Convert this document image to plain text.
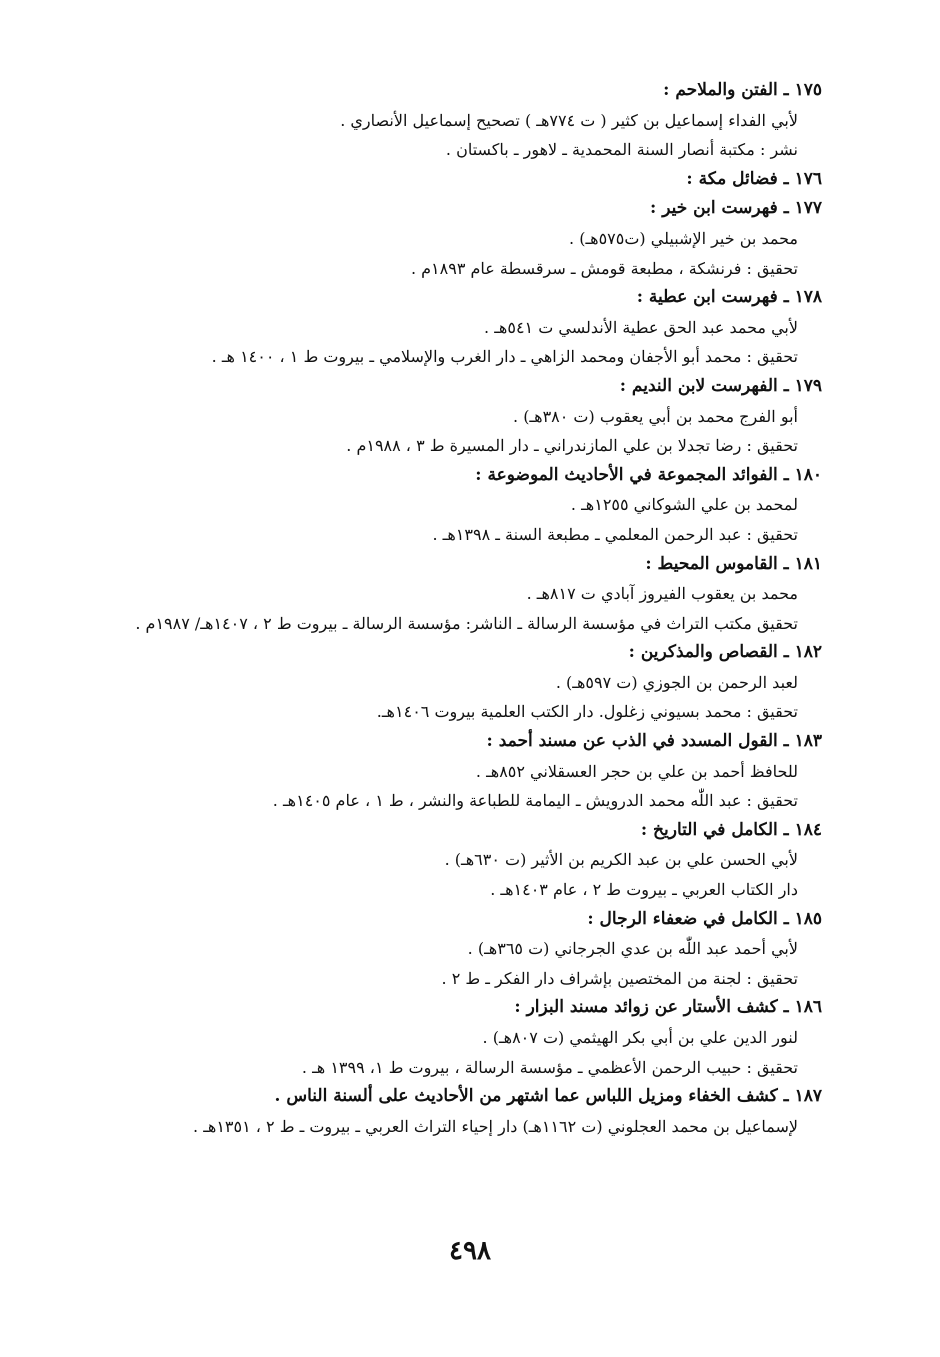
١٧٥ ـ الفتن والملاحم :
لأبي الفداء إسماعيل بن كثير ( ت ٧٧٤هـ ) تصحيح إسماعيل الأنصاري .
نشر : مكتبة أنصار السنة المحمدية ـ لاهور ـ باكستان .
١٧٦ ـ فضائل مكة :
١٧٧ ـ فهرست ابن خير :
محمد بن خير الإشبيلي (ت٥٧٥هـ) .
تحقيق : فرنشكة ، مطبعة قومش ـ سرقسطة عام ١٨٩٣م .
١٧٨ ـ فهرست ابن عطية :
لأبي محمد عبد الحق عطية الأندلسي ت ٥٤١هـ .
تحقيق : محمد أبو الأجفان ومحمد الزاهي ـ دار الغرب والإسلامي ـ بيروت ط ١ ، ١٤٠٠ هـ .
١٧٩ ـ الفهرست لابن النديم :
أبو الفرج محمد بن أبي يعقوب (ت ٣٨٠هـ) .
تحقيق : رضا تجدلا بن علي المازندراني ـ دار المسيرة ط ٣ ، ١٩٨٨م .
١٨٠ ـ الفوائد المجموعة في الأحاديث الموضوعة :
لمحمد بن علي الشوكاني ١٢٥٥هـ .
تحقيق : عبد الرحمن المعلمي ـ مطبعة السنة ـ ١٣٩٨هـ .
١٨١ ـ القاموس المحيط :
محمد بن يعقوب الفيروز آبادي ت ٨١٧هـ .
تحقيق مكتب التراث في مؤسسة الرسالة ـ الناشر: مؤسسة الرسالة ـ بيروت ط ٢ ، ١٤٠٧هـ/ ١٩٨٧م .
١٨٢ ـ القصاص والمذكرين :
لعبد الرحمن بن الجوزي (ت ٥٩٧هـ) .
تحقيق : محمد بسيوني زغلول. دار الكتب العلمية بيروت ١٤٠٦هـ.
١٨٣ ـ القول المسدد في الذب عن مسند أحمد :
للحافظ أحمد بن علي بن حجر العسقلاني ٨٥٢هـ .
تحقيق : عبد اللّٰه محمد الدرويش ـ اليمامة للطباعة والنشر ، ط ١ ، عام ١٤٠٥هـ .
١٨٤ ـ الكامل في التاريخ :
لأبي الحسن علي بن عبد الكريم بن الأثير (ت ٦٣٠هـ) .
دار الكتاب العربي ـ بيروت ط ٢ ، عام ١٤٠٣هـ .
١٨٥ ـ الكامل في ضعفاء الرجال :
لأبي أحمد عبد اللّٰه بن عدي الجرجاني (ت ٣٦٥هـ) .
تحقيق : لجنة من المختصين بإشراف دار الفكر ـ ط ٢ .
١٨٦ ـ كشف الأستار عن زوائد مسند البزار :
لنور الدين علي بن أبي بكر الهيثمي (ت ٨٠٧هـ) .
تحقيق : حبيب الرحمن الأعظمي ـ مؤسسة الرسالة ، بيروت ط ١، ١٣٩٩ هـ .
١٨٧ ـ كشف الخفاء ومزيل اللباس عما اشتهر من الأحاديث على ألسنة الناس .
لإسماعيل بن محمد العجلوني (ت ١١٦٢هـ) دار إحياء التراث العربي ـ بيروت ـ ط ٢ ، ١٣٥١هـ .
٤٩٨
